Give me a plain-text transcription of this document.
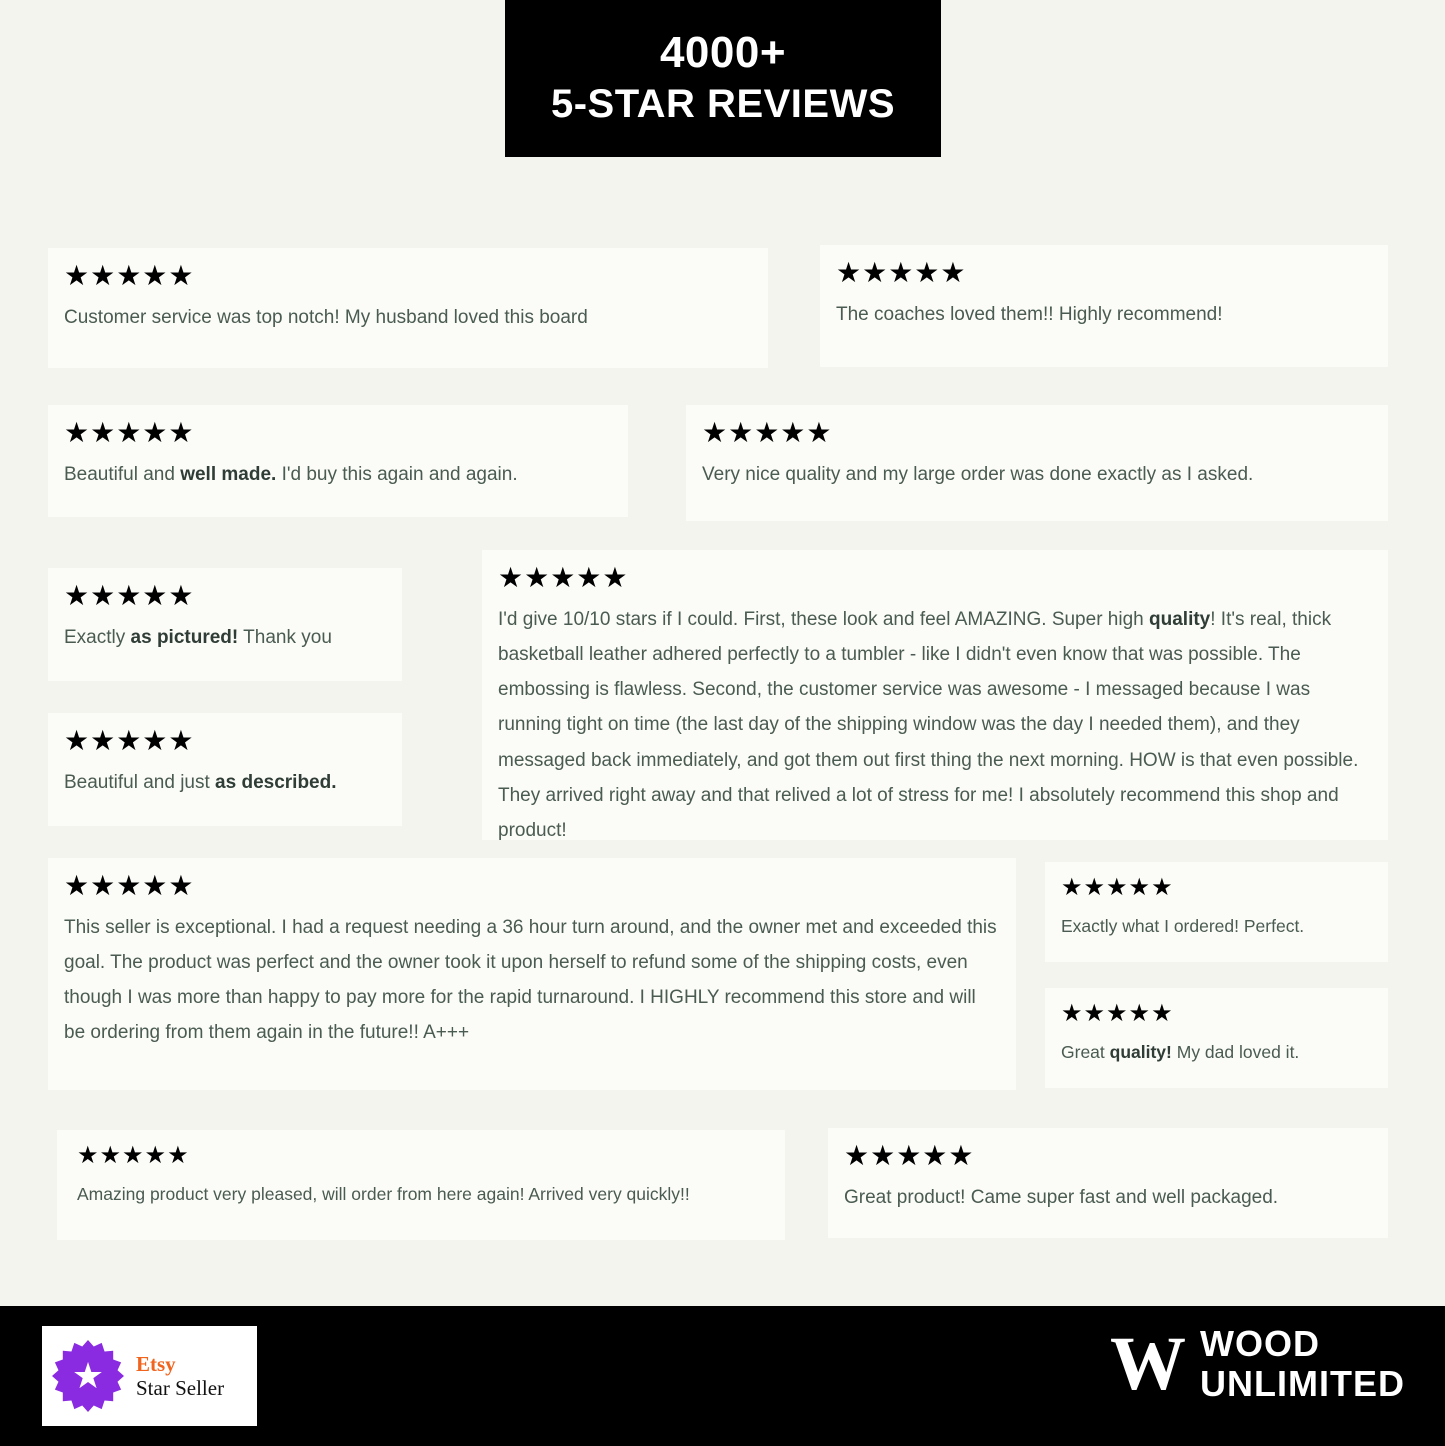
4000+
5-STAR REVIEWS
★★★★★
Customer service was top notch! My husband loved this board
★★★★★
The coaches loved them!! Highly recommend!
★★★★★
Beautiful and well made. I'd buy this again and again.
★★★★★
Very nice quality and my large order was done exactly as I asked.
★★★★★
Exactly as pictured! Thank you
★★★★★
I'd give 10/10 stars if I could. First, these look and feel AMAZING. Super high quality! It's real, thick basketball leather adhered perfectly to a tumbler - like I didn't even know that was possible. The embossing is flawless. Second, the customer service was awesome - I messaged because I was running tight on time (the last day of the shipping window was the day I needed them), and they messaged back immediately, and got them out first thing the next morning. HOW is that even possible. They arrived right away and that relived a lot of stress for me! I absolutely recommend this shop and product!
★★★★★
Beautiful and just as described.
★★★★★
This seller is exceptional. I had a request needing a 36 hour turn around, and the owner met and exceeded this goal. The product was perfect and the owner took it upon herself to refund some of the shipping costs, even though I was more than happy to pay more for the rapid turnaround. I HIGHLY recommend this store and will be ordering from them again in the future!! A+++
★★★★★
Exactly what I ordered! Perfect.
★★★★★
Great quality! My dad loved it.
★★★★★
Amazing product very pleased, will order from here again! Arrived very quickly!!
★★★★★
Great product! Came super fast and well packaged.
★ Etsy
Star Seller	W WOOD
UNLIMITED
